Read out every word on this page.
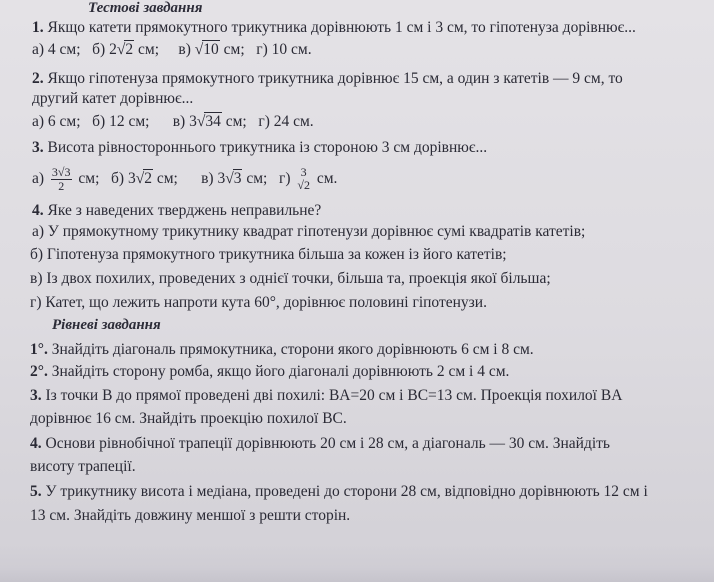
Тестові завдання
1. Якщо катети прямокутного трикутника дорівнюють 1 см і 3 см, то гіпотенуза дорівнює...
а) 4 см; б) 2√2 см; в) √10 см; г) 10 см.
2. Якщо гіпотенуза прямокутного трикутника дорівнює 15 см, а один з катетів — 9 см, то
другий катет дорівнює...
а) 6 см; б) 12 см; в) 3√34 см; г) 24 см.
3. Висота рівностороннього трикутника із стороною 3 см дорівнює...
$а) \frac{3√3}{2}$ см; б) 3√2 см; в) 3√3 см; г) 3
√2 см.
4. Яке з наведених тверджень неправильне?
а) У прямокутному трикутнику квадрат гіпотенузи дорівнює сумі квадратів катетів;
б) Гіпотенуза прямокутного трикутника більша за кожен із його катетів;
в) Із двох похилих, проведених з однієї точки, більша та, проекція якої більша;
г) Катет, що лежить напроти кута 60°, дорівнює половині гіпотенузи.
Рівневі завдання
1°. Знайдіть діагональ прямокутника, сторони якого дорівнюють 6 см і 8 см.
2°. Знайдіть сторону ромба, якщо його діагоналі дорівнюють 2 см і 4 см.
3. Із точки B до прямої проведені дві похилі: BA=20 см і BC=13 см. Проекція похилої BA
дорівнює 16 см. Знайдіть проекцію похилої BC.
4. Основи рівнобічної трапеції дорівнюють 20 см і 28 см, а діагональ — 30 см. Знайдіть
висоту трапеції.
5. У трикутнику висота і медіана, проведені до сторони 28 см, відповідно дорівнюють 12 см і
13 см. Знайдіть довжину меншої з решти сторін.
